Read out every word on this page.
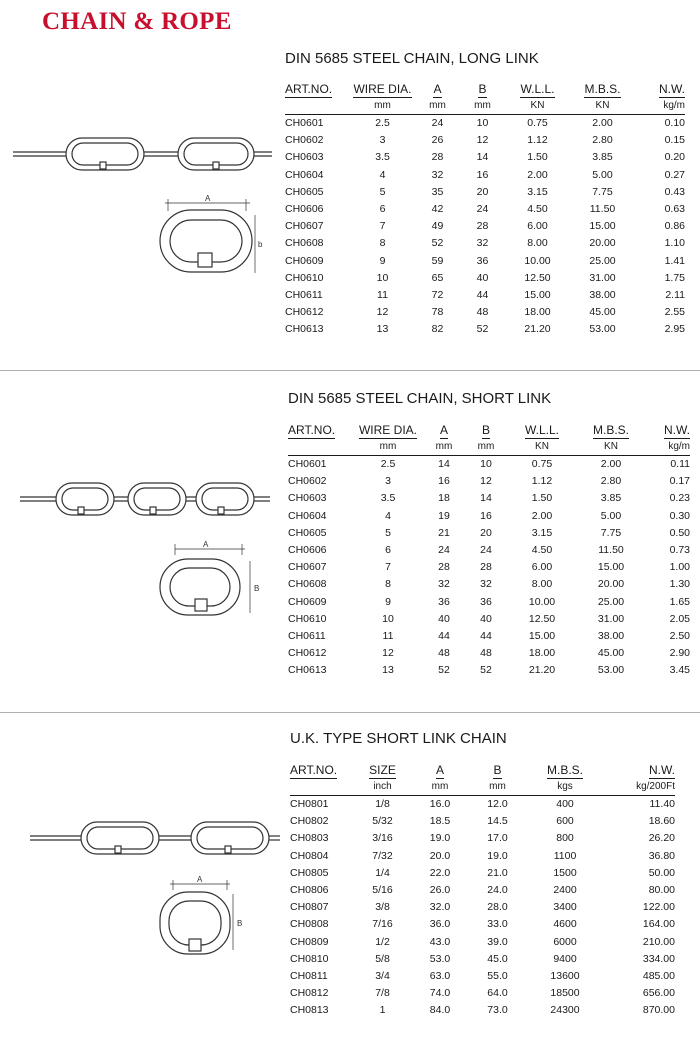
CHAIN & ROPE
DIN 5685 STEEL CHAIN, LONG LINK
A
b
ART.NO.	WIRE DIA.	A	B	W.L.L.	M.B.S.	N.W.
	mm	mm	mm	KN	KN	kg/m
CH0601	2.5	24	10	0.75	2.00	0.10
CH0602	3	26	12	1.12	2.80	0.15
CH0603	3.5	28	14	1.50	3.85	0.20
CH0604	4	32	16	2.00	5.00	0.27
CH0605	5	35	20	3.15	7.75	0.43
CH0606	6	42	24	4.50	11.50	0.63
CH0607	7	49	28	6.00	15.00	0.86
CH0608	8	52	32	8.00	20.00	1.10
CH0609	9	59	36	10.00	25.00	1.41
CH0610	10	65	40	12.50	31.00	1.75
CH0611	11	72	44	15.00	38.00	2.11
CH0612	12	78	48	18.00	45.00	2.55
CH0613	13	82	52	21.20	53.00	2.95
DIN 5685 STEEL CHAIN, SHORT LINK
A
B
ART.NO.	WIRE DIA.	A	B	W.L.L.	M.B.S.	N.W.
	mm	mm	mm	KN	KN	kg/m
CH0601	2.5	14	10	0.75	2.00	0.11
CH0602	3	16	12	1.12	2.80	0.17
CH0603	3.5	18	14	1.50	3.85	0.23
CH0604	4	19	16	2.00	5.00	0.30
CH0605	5	21	20	3.15	7.75	0.50
CH0606	6	24	24	4.50	11.50	0.73
CH0607	7	28	28	6.00	15.00	1.00
CH0608	8	32	32	8.00	20.00	1.30
CH0609	9	36	36	10.00	25.00	1.65
CH0610	10	40	40	12.50	31.00	2.05
CH0611	11	44	44	15.00	38.00	2.50
CH0612	12	48	48	18.00	45.00	2.90
CH0613	13	52	52	21.20	53.00	3.45
U.K. TYPE SHORT LINK CHAIN
A
B
ART.NO.	SIZE	A	B	M.B.S.	N.W.
	inch	mm	mm	kgs	kg/200Ft
CH0801	1/8	16.0	12.0	400	11.40
CH0802	5/32	18.5	14.5	600	18.60
CH0803	3/16	19.0	17.0	800	26.20
CH0804	7/32	20.0	19.0	1100	36.80
CH0805	1/4	22.0	21.0	1500	50.00
CH0806	5/16	26.0	24.0	2400	80.00
CH0807	3/8	32.0	28.0	3400	122.00
CH0808	7/16	36.0	33.0	4600	164.00
CH0809	1/2	43.0	39.0	6000	210.00
CH0810	5/8	53.0	45.0	9400	334.00
CH0811	3/4	63.0	55.0	13600	485.00
CH0812	7/8	74.0	64.0	18500	656.00
CH0813	1	84.0	73.0	24300	870.00
